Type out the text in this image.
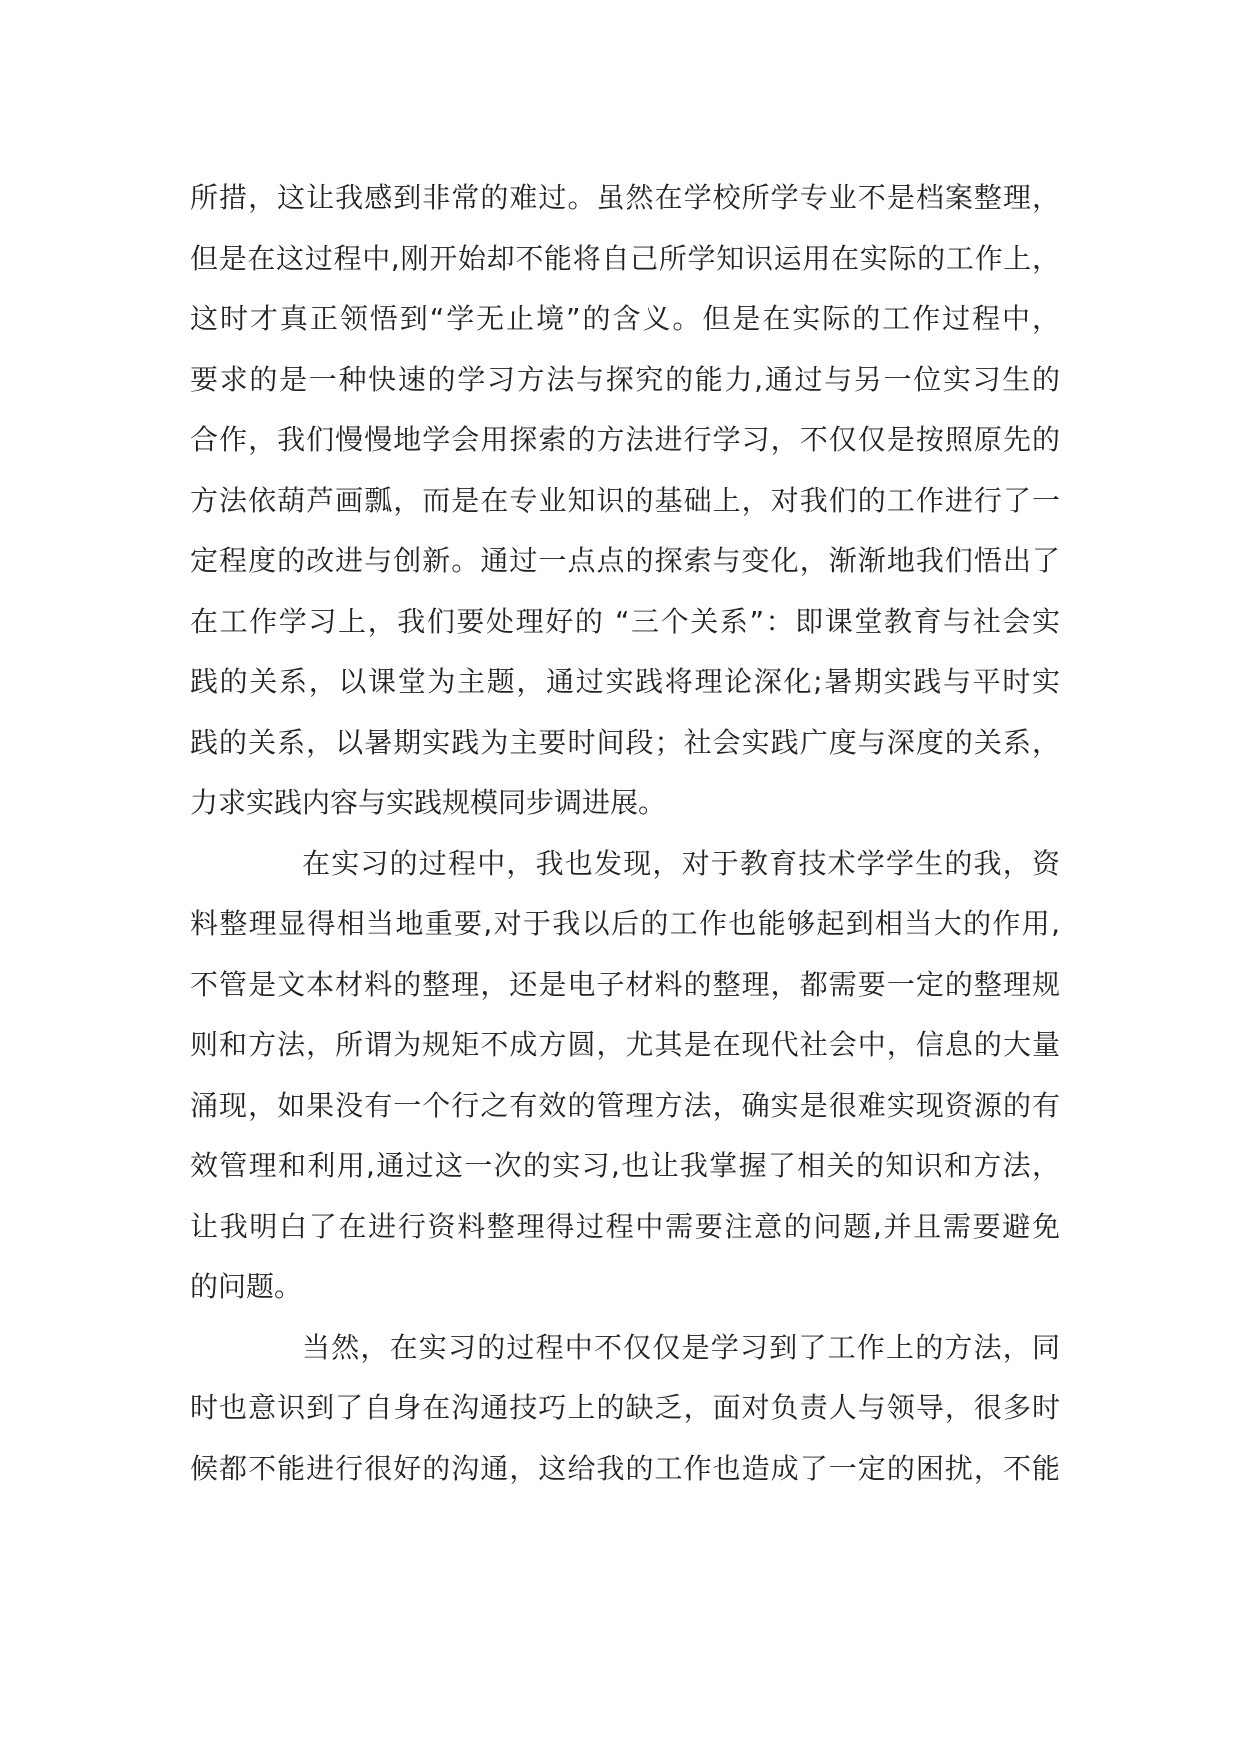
所措，这让我感到非常的难过。虽然在学校所学专业不是档案整理，
但是在这过程中,刚开始却不能将自己所学知识运用在实际的工作上，
这时才真正领悟到“学无止境”的含义。但是在实际的工作过程中，
要求的是一种快速的学习方法与探究的能力,通过与另一位实习生的
合作，我们慢慢地学会用探索的方法进行学习，不仅仅是按照原先的
方法依葫芦画瓢，而是在专业知识的基础上，对我们的工作进行了一
定程度的改进与创新。通过一点点的探索与变化，渐渐地我们悟出了
在工作学习上，我们要处理好的 “三个关系”：即课堂教育与社会实
践的关系，以课堂为主题，通过实践将理论深化;暑期实践与平时实
践的关系，以暑期实践为主要时间段；社会实践广度与深度的关系，
力求实践内容与实践规模同步调进展。
在实习的过程中，我也发现，对于教育技术学学生的我，资
料整理显得相当地重要,对于我以后的工作也能够起到相当大的作用,
不管是文本材料的整理，还是电子材料的整理，都需要一定的整理规
则和方法，所谓为规矩不成方圆，尤其是在现代社会中，信息的大量
涌现，如果没有一个行之有效的管理方法，确实是很难实现资源的有
效管理和利用,通过这一次的实习,也让我掌握了相关的知识和方法，
让我明白了在进行资料整理得过程中需要注意的问题,并且需要避免
的问题。
当然，在实习的过程中不仅仅是学习到了工作上的方法，同
时也意识到了自身在沟通技巧上的缺乏，面对负责人与领导，很多时
候都不能进行很好的沟通，这给我的工作也造成了一定的困扰，不能
